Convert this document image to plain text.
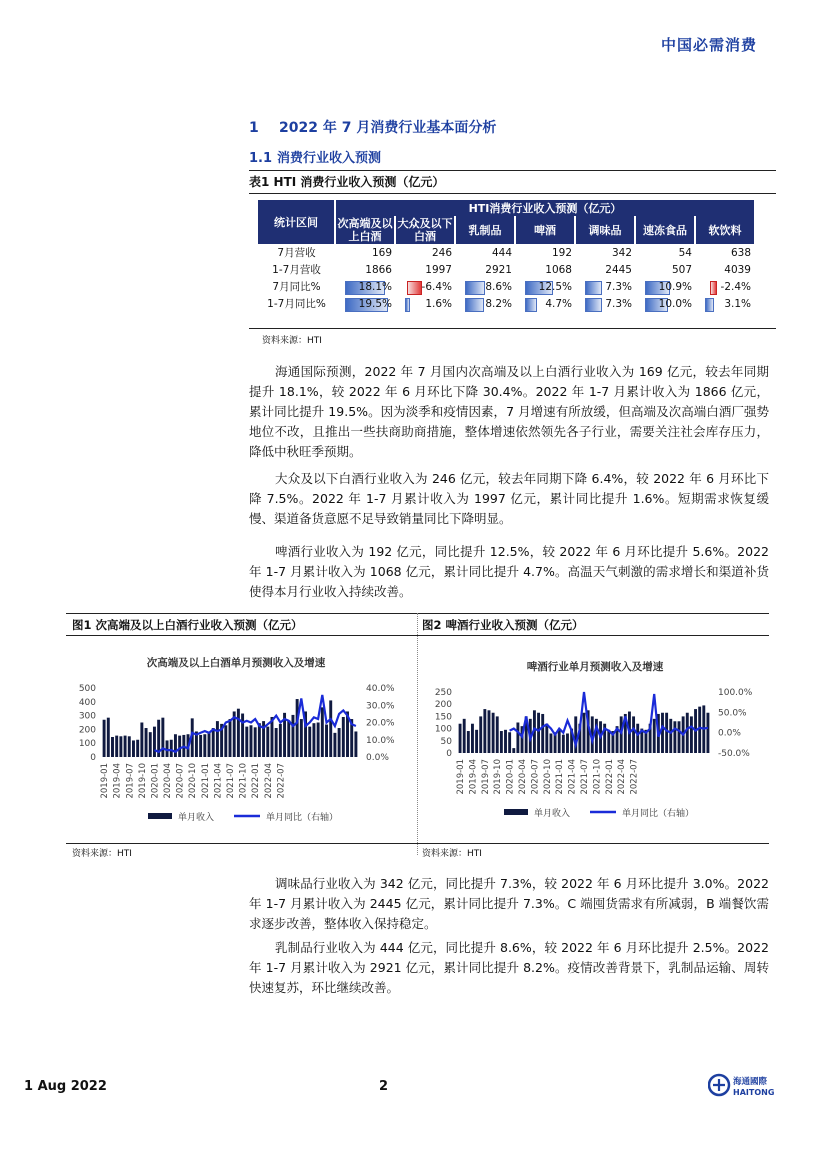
中国必需消费
1 2022 年 7 月消费行业基本面分析
1.1 消费行业收入预测
表1 HTI 消费行业收入预测（亿元）
统计区间	HTI消费行业收入预测（亿元）						
	次高端及以上白酒	大众及以下白酒	乳制品	啤酒	调味品	速冻食品	软饮料
7月营收	169	246	444	192	342	54	638
1-7月营收	1866	1997	2921	1068	2445	507	4039
7月同比%	18.1%	-6.4%	8.6%	12.5%	7.3%	10.9%	-2.4%
1-7月同比%	19.5%	1.6%	8.2%	4.7%	7.3%	10.0%	3.1%
资料来源：HTI

海通国际预测，2022 年 7 月国内次高端及以上白酒行业收入为 169 亿元，较去年同期提升 18.1%，较 2022 年 6 月环比下降 30.4%。2022 年 1-7 月累计收入为 1866 亿元，累计同比提升 19.5%。因为淡季和疫情因素，7 月增速有所放缓，但高端及次高端白酒厂强势地位不改，且推出一些扶商助商措施，整体增速依然领先各子行业，需要关注社会库存压力，降低中秋旺季预期。

大众及以下白酒行业收入为 246 亿元，较去年同期下降 6.4%，较 2022 年 6 月环比下降 7.5%。2022 年 1-7 月累计收入为 1997 亿元，累计同比提升 1.6%。短期需求恢复缓慢、渠道备货意愿不足导致销量同比下降明显。

啤酒行业收入为 192 亿元，同比提升 12.5%，较 2022 年 6 月环比提升 5.6%。2022 年 1-7 月累计收入为 1068 亿元，累计同比提升 4.7%。高温天气刺激的需求增长和渠道补货使得本月行业收入持续改善。

图1 次高端及以上白酒行业收入预测（亿元）	图2 啤酒行业收入预测（亿元）
次高端及以上白酒单月预测收入及增速
0
100
200
300
400
500
0.0%
10.0%
20.0%
30.0%
40.0%
2019-01 2019-04 2019-07 2019-10 2020-01 2020-04 2020-07 2020-10 2021-01 2021-04 2021-07 2021-10 2022-01 2022-04 2022-07
单月收入	单月同比（右轴）
啤酒行业单月预测收入及增速
0
50
100
150
200
250
-50.0%
0.0%
50.0%
100.0%
2019-01 2019-04 2019-07 2019-10 2020-01 2020-04 2020-07 2020-10 2021-01 2021-04 2021-07 2021-10 2022-01 2022-04 2022-07
单月收入	单月同比（右轴）
资料来源：HTI	资料来源：HTI

调味品行业收入为 342 亿元，同比提升 7.3%，较 2022 年 6 月环比提升 3.0%。2022 年 1-7 月累计收入为 2445 亿元，累计同比提升 7.3%。C 端囤货需求有所减弱，B 端餐饮需求逐步改善，整体收入保持稳定。

乳制品行业收入为 444 亿元，同比提升 8.6%，较 2022 年 6 月环比提升 2.5%。2022 年 1-7 月累计收入为 2921 亿元，累计同比提升 8.2%。疫情改善背景下，乳制品运输、周转快速复苏，环比继续改善。

1 Aug 2022	2	海通國際
HAITONG
